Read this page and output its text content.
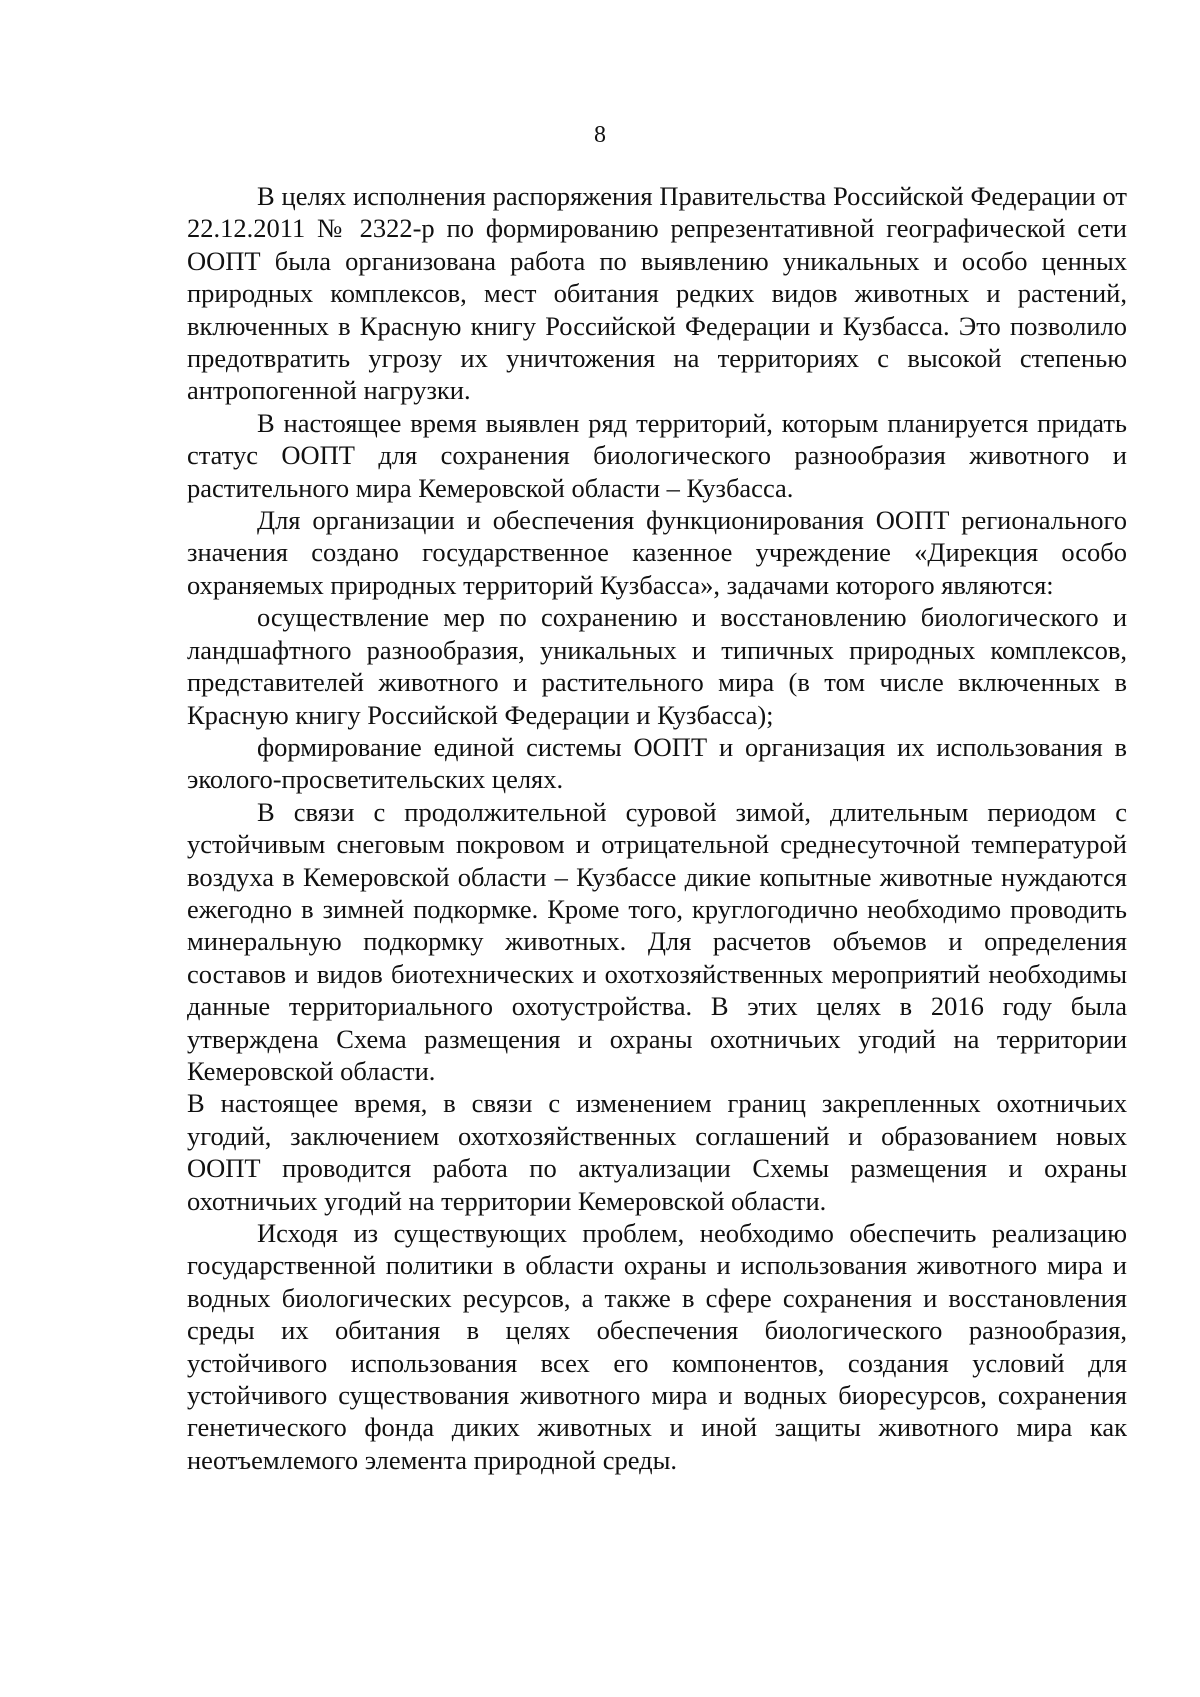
8

В целях исполнения распоряжения Правительства Российской Федерации от 22.12.2011 № 2322-р по формированию репрезентативной географической сети ООПТ была организована работа по выявлению уникальных и особо ценных природных комплексов, мест обитания редких видов животных и растений, включенных в Красную книгу Российской Федерации и Кузбасса. Это позволило предотвратить угрозу их уничтожения на территориях с высокой степенью антропогенной нагрузки.

В настоящее время выявлен ряд территорий, которым планируется придать статус ООПТ для сохранения биологического разнообразия животного и растительного мира Кемеровской области – Кузбасса.

Для организации и обеспечения функционирования ООПТ регионального значения создано государственное казенное учреждение «Дирекция особо охраняемых природных территорий Кузбасса», задачами которого являются:

осуществление мер по сохранению и восстановлению биологического и ландшафтного разнообразия, уникальных и типичных природных комплексов, представителей животного и растительного мира (в том числе включенных в Красную книгу Российской Федерации и Кузбасса);

формирование единой системы ООПТ и организация их использования в эколого-просветительских целях.

В связи с продолжительной суровой зимой, длительным периодом с устойчивым снеговым покровом и отрицательной среднесуточной температурой воздуха в Кемеровской области – Кузбассе дикие копытные животные нуждаются ежегодно в зимней подкормке. Кроме того, круглогодично необходимо проводить минеральную подкормку животных. Для расчетов объемов и определения составов и видов биотехнических и охотхозяйственных мероприятий необходимы данные территориального охотустройства. В этих целях в 2016 году была утверждена Схема размещения и охраны охотничьих угодий на территории Кемеровской области.

В настоящее время, в связи с изменением границ закрепленных охотничьих угодий, заключением охотхозяйственных соглашений и образованием новых ООПТ проводится работа по актуализации Схемы размещения и охраны охотничьих угодий на территории Кемеровской области.

Исходя из существующих проблем, необходимо обеспечить реализацию государственной политики в области охраны и использования животного мира и водных биологических ресурсов, а также в сфере сохранения и восстановления среды их обитания в целях обеспечения биологического разнообразия, устойчивого использования всех его компонентов, создания условий для устойчивого существования животного мира и водных биоресурсов, сохранения генетического фонда диких животных и иной защиты животного мира как неотъемлемого элемента природной среды.
